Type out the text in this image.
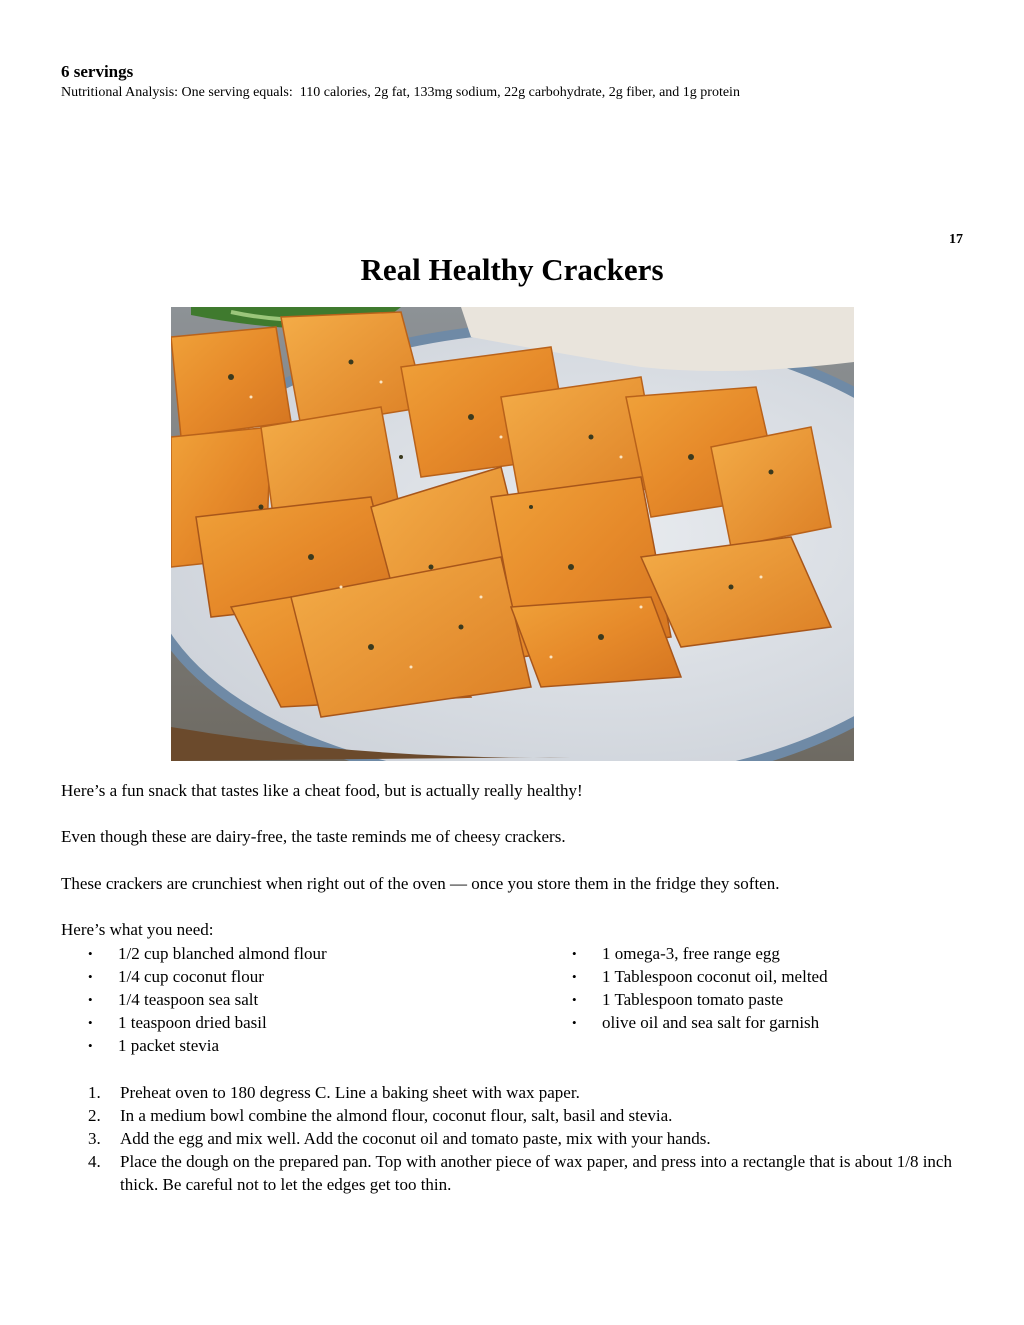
6 servings
Nutritional Analysis: One serving equals:  110 calories, 2g fat, 133mg sodium, 22g carbohydrate, 2g fiber, and 1g protein
17
Real Healthy Crackers

Here’s a fun snack that tastes like a cheat food, but is actually really healthy!

Even though these are dairy-free, the taste reminds me of cheesy crackers.

These crackers are crunchiest when right out of the oven — once you store them in the fridge they soften.

Here’s what you need:

• 1/2 cup blanched almond flour
• 1/4 cup coconut flour
• 1/4 teaspoon sea salt
• 1 teaspoon dried basil
• 1 packet stevia
• 1 omega-3, free range egg
• 1 Tablespoon coconut oil, melted
• 1 Tablespoon tomato paste
• olive oil and sea salt for garnish
1. Preheat oven to 180 degress C. Line a baking sheet with wax paper.
2. In a medium bowl combine the almond flour, coconut flour, salt, basil and stevia.
3. Add the egg and mix well. Add the coconut oil and tomato paste, mix with your hands.
4. Place the dough on the prepared pan. Top with another piece of wax paper, and press into a rectangle that is about 1/8 inch thick. Be careful not to let the edges get too thin.
